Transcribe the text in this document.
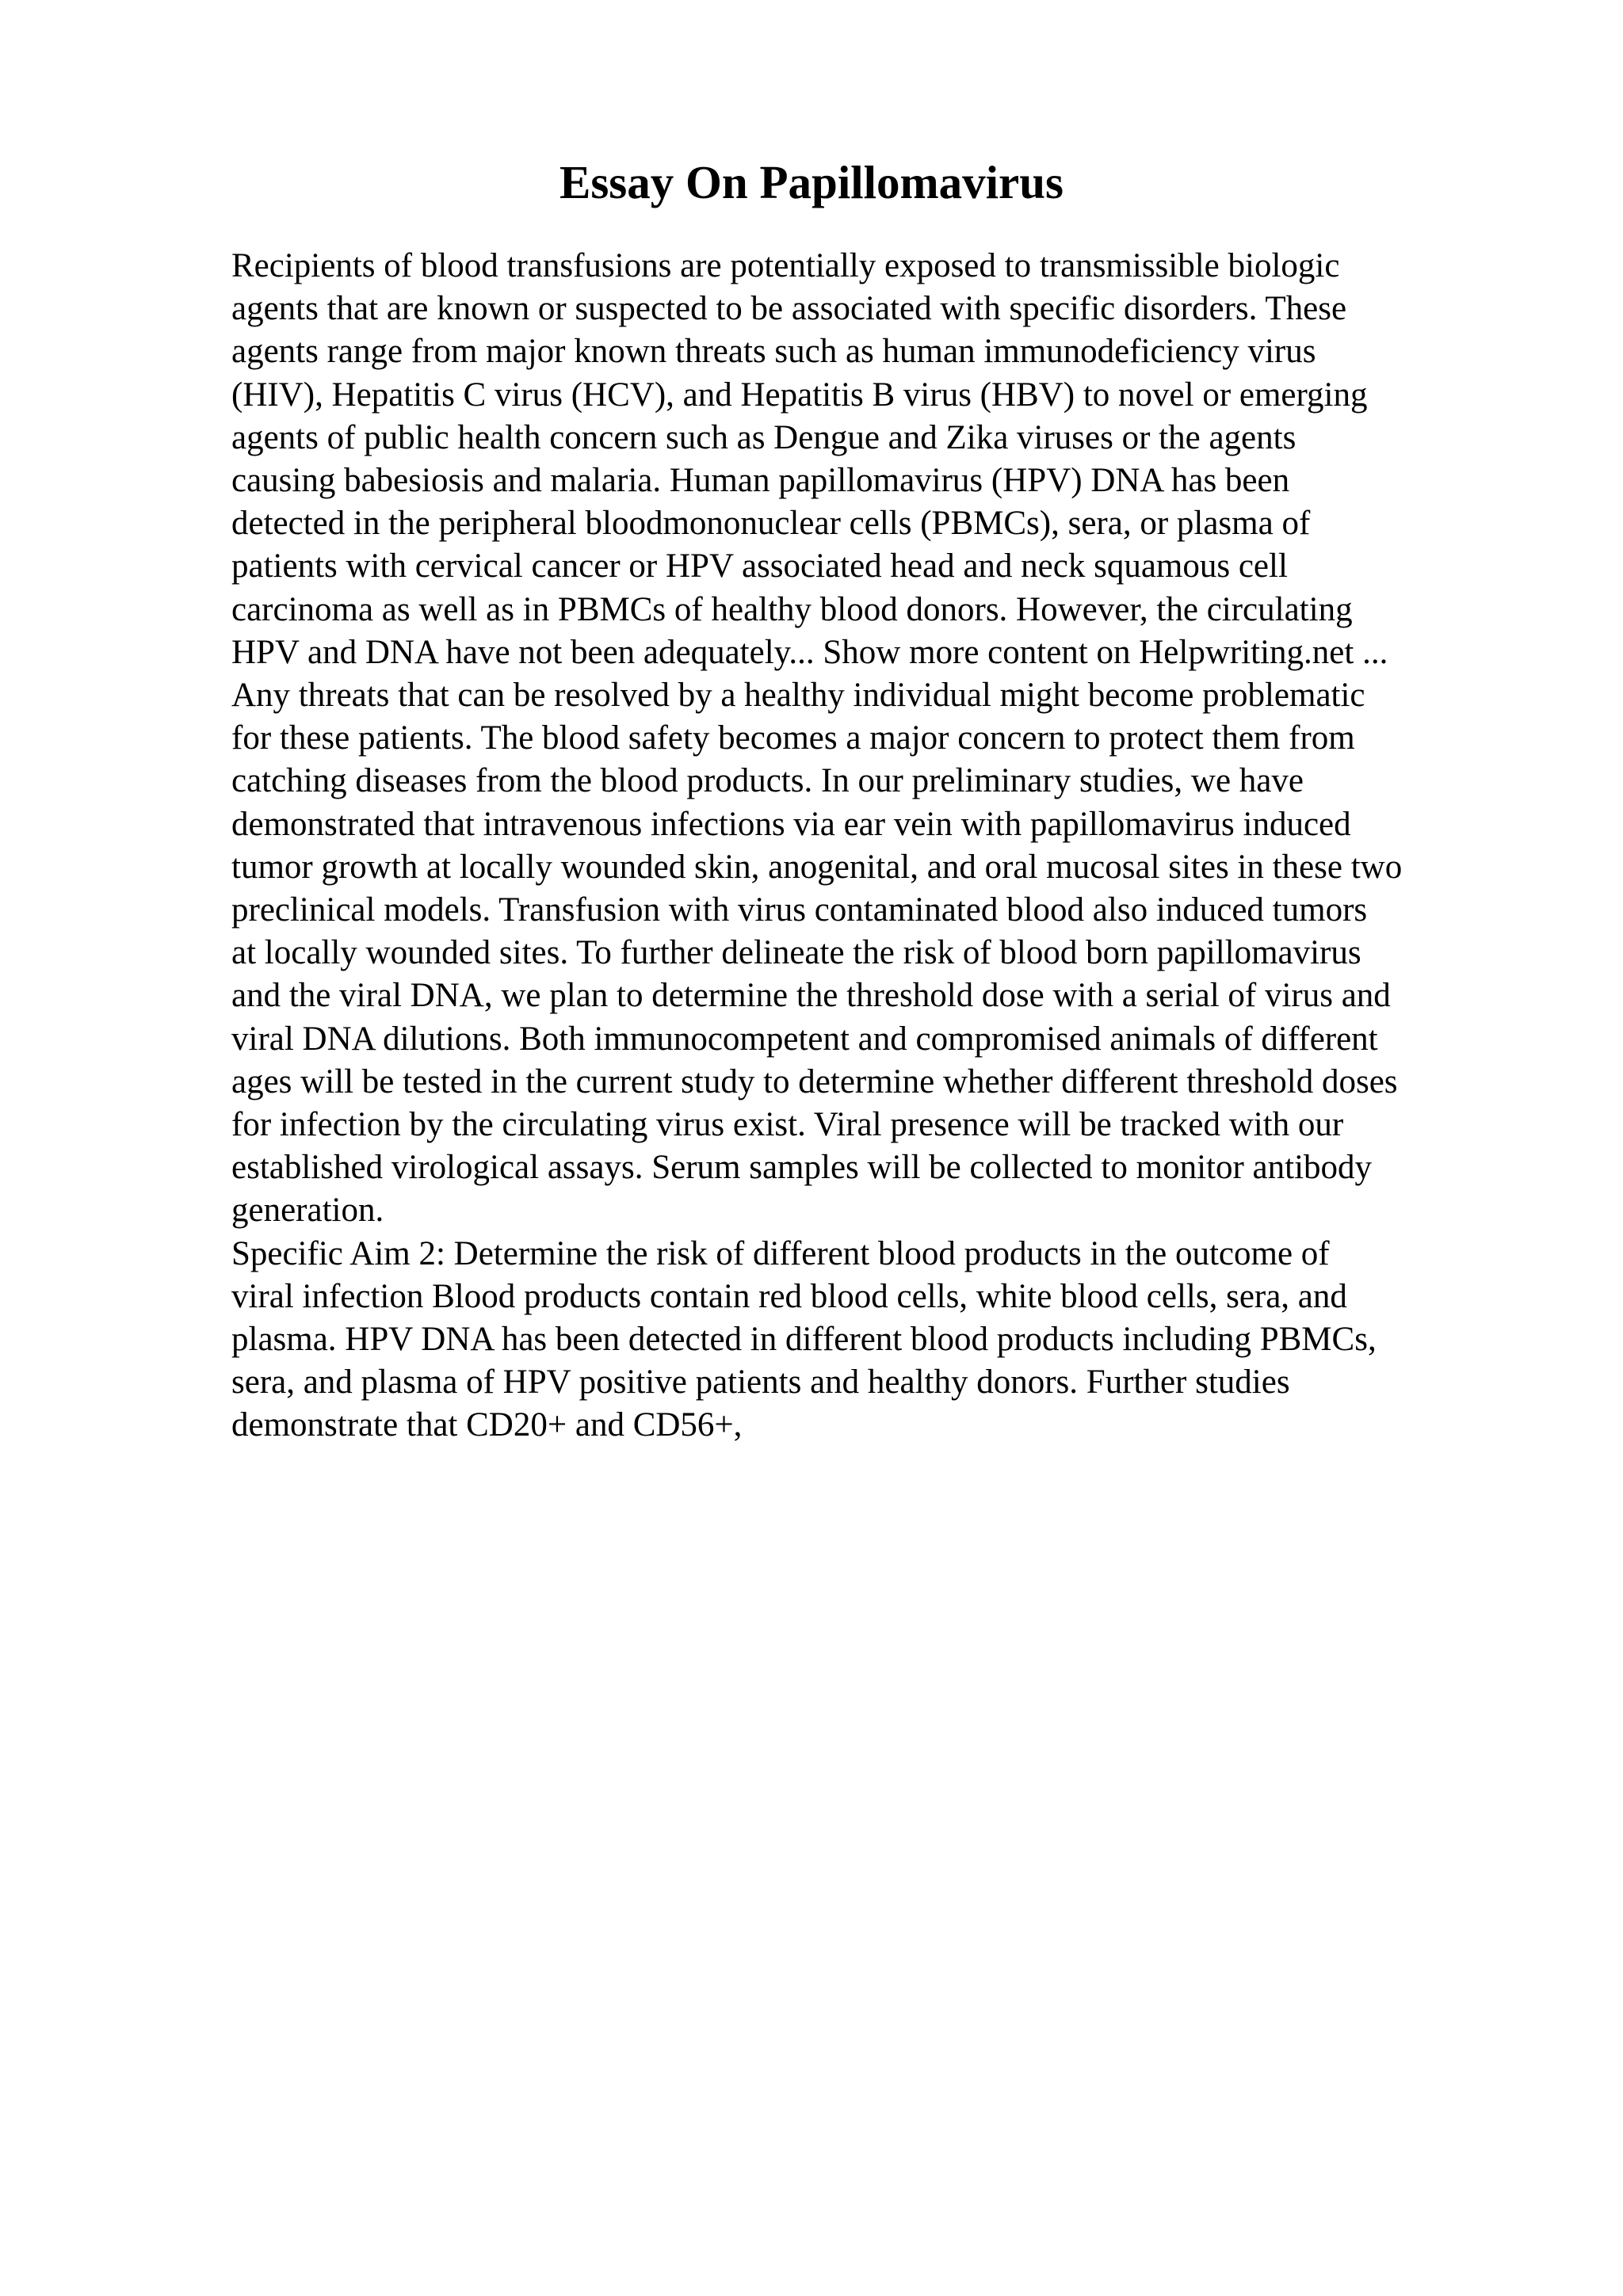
Essay On Papillomavirus
Recipients of blood transfusions are potentially exposed to transmissible biologic
agents that are known or suspected to be associated with specific disorders. These
agents range from major known threats such as human immunodeficiency virus
(HIV), Hepatitis C virus (HCV), and Hepatitis B virus (HBV) to novel or emerging
agents of public health concern such as Dengue and Zika viruses or the agents
causing babesiosis and malaria. Human papillomavirus (HPV) DNA has been
detected in the peripheral bloodmononuclear cells (PBMCs), sera, or plasma of
patients with cervical cancer or HPV associated head and neck squamous cell
carcinoma as well as in PBMCs of healthy blood donors. However, the circulating
HPV and DNA have not been adequately... Show more content on Helpwriting.net ...
Any threats that can be resolved by a healthy individual might become problematic
for these patients. The blood safety becomes a major concern to protect them from
catching diseases from the blood products. In our preliminary studies, we have
demonstrated that intravenous infections via ear vein with papillomavirus induced
tumor growth at locally wounded skin, anogenital, and oral mucosal sites in these two
preclinical models. Transfusion with virus contaminated blood also induced tumors
at locally wounded sites. To further delineate the risk of blood born papillomavirus
and the viral DNA, we plan to determine the threshold dose with a serial of virus and
viral DNA dilutions. Both immunocompetent and compromised animals of different
ages will be tested in the current study to determine whether different threshold doses
for infection by the circulating virus exist. Viral presence will be tracked with our
established virological assays. Serum samples will be collected to monitor antibody
generation.
Specific Aim 2: Determine the risk of different blood products in the outcome of
viral infection Blood products contain red blood cells, white blood cells, sera, and
plasma. HPV DNA has been detected in different blood products including PBMCs,
sera, and plasma of HPV positive patients and healthy donors. Further studies
demonstrate that CD20+ and CD56+,
